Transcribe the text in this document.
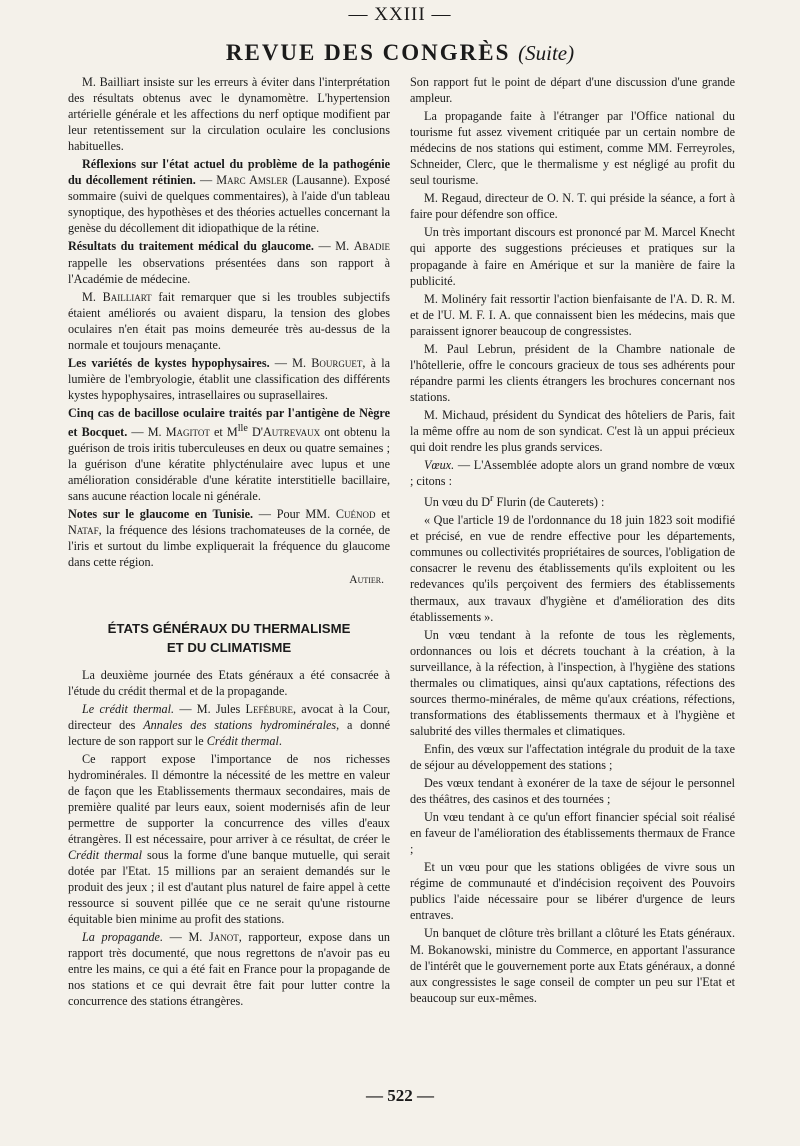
— XXIII —
REVUE DES CONGRÈS (Suite)

M. Bailliart insiste sur les erreurs à éviter dans l'interprétation des résultats obtenus avec le dynamomètre. L'hypertension artérielle générale et les affections du nerf optique modifient par leur retentissement sur la circulation oculaire les conclusions habituelles.

Réflexions sur l'état actuel du problème de la pathogénie du décollement rétinien. — Marc Amsler (Lausanne). Exposé sommaire (suivi de quelques commentaires), à l'aide d'un tableau synoptique, des hypothèses et des théories actuelles concernant la genèse du décollement dit idiopathique de la rétine.

Résultats du traitement médical du glaucome. — M. Abadie rappelle les observations présentées dans son rapport à l'Académie de médecine.

M. Bailliart fait remarquer que si les troubles subjectifs étaient améliorés ou avaient disparu, la tension des globes oculaires n'en était pas moins demeurée très au-dessus de la normale et toujours menaçante.

Les variétés de kystes hypophysaires. — M. Bourguet, à la lumière de l'embryologie, établit une classification des différents kystes hypophysaires, intrasellaires ou suprasellaires.

Cinq cas de bacillose oculaire traités par l'antigène de Nègre et Bocquet. — M. Magitot et $M^{lle}$ D'Autrevaux ont obtenu la guérison de trois iritis tuberculeuses en deux ou quatre semaines ; la guérison d'une kératite phlycténulaire avec lupus et une amélioration considérable d'une kératite interstitielle bacillaire, sans aucune réaction locale ni générale.

Notes sur le glaucome en Tunisie. — Pour MM. Cuénod et Nataf, la fréquence des lésions trachomateuses de la cornée, de l'iris et surtout du limbe expliquerait la fréquence du glaucome dans cette région.

Autier.
ÉTATS GÉNÉRAUX DU THERMALISME
ET DU CLIMATISME

La deuxième journée des Etats généraux a été consacrée à l'étude du crédit thermal et de la propagande.

Le crédit thermal. — M. Jules Lefébure, avocat à la Cour, directeur des Annales des stations hydrominérales, a donné lecture de son rapport sur le Crédit thermal.

Ce rapport expose l'importance de nos richesses hydrominérales. Il démontre la nécessité de les mettre en valeur de façon que les Etablissements thermaux secondaires, mais de première qualité par leurs eaux, soient modernisés afin de leur permettre de supporter la concurrence des villes d'eaux étrangères. Il est nécessaire, pour arriver à ce résultat, de créer le Crédit thermal sous la forme d'une banque mutuelle, qui serait dotée par l'Etat. 15 millions par an seraient demandés sur le produit des jeux ; il est d'autant plus naturel de faire appel à cette ressource si souvent pillée que ce ne serait qu'une ristourne équitable bien minime au profit des stations.

La propagande. — M. Janot, rapporteur, expose dans un rapport très documenté, que nous regrettons de n'avoir pas eu entre les mains, ce qui a été fait en France pour la propagande de nos stations et ce qui devrait être fait pour lutter contre la concurrence des stations étrangères.

Son rapport fut le point de départ d'une discussion d'une grande ampleur.

La propagande faite à l'étranger par l'Office national du tourisme fut assez vivement critiquée par un certain nombre de médecins de nos stations qui estiment, comme MM. Ferreyroles, Schneider, Clerc, que le thermalisme y est négligé au profit du seul tourisme.

M. Regaud, directeur de O. N. T. qui préside la séance, a fort à faire pour défendre son office.

Un très important discours est prononcé par M. Marcel Knecht qui apporte des suggestions précieuses et pratiques sur la propagande à faire en Amérique et sur la manière de faire la publicité.

M. Molinéry fait ressortir l'action bienfaisante de l'A. D. R. M. et de l'U. M. F. I. A. que connaissent bien les médecins, mais que paraissent ignorer beaucoup de congressistes.

M. Paul Lebrun, président de la Chambre nationale de l'hôtellerie, offre le concours gracieux de tous ses adhérents pour répandre parmi les clients étrangers les brochures concernant nos stations.

M. Michaud, président du Syndicat des hôteliers de Paris, fait la même offre au nom de son syndicat. C'est là un appui précieux qui doit rendre les plus grands services.

Vœux. — L'Assemblée adopte alors un grand nombre de vœux ; citons :

Un vœu du $D^r$ Flurin (de Cauterets) :

« Que l'article 19 de l'ordonnance du 18 juin 1823 soit modifié et précisé, en vue de rendre effective pour les départements, communes ou collectivités propriétaires de sources, l'obligation de consacrer le revenu des établissements qu'ils exploitent ou les redevances qu'ils perçoivent des fermiers des établissements thermaux, aux travaux d'hygiène et d'amélioration des dits établissements ».

Un vœu tendant à la refonte de tous les règlements, ordonnances ou lois et décrets touchant à la création, à la surveillance, à la réfection, à l'inspection, à l'hygiène des stations thermales ou climatiques, ainsi qu'aux captations, réfections des sources thermo-minérales, de même qu'aux créations, réfections, transformations des établissements thermaux et à l'hygiène et salubrité des villes thermales et climatiques.

Enfin, des vœux sur l'affectation intégrale du produit de la taxe de séjour au développement des stations ;

Des vœux tendant à exonérer de la taxe de séjour le personnel des théâtres, des casinos et des tournées ;

Un vœu tendant à ce qu'un effort financier spécial soit réalisé en faveur de l'amélioration des établissements thermaux de France ;

Et un vœu pour que les stations obligées de vivre sous un régime de communauté et d'indécision reçoivent des Pouvoirs publics l'aide nécessaire pour se libérer d'urgence de leurs entraves.

Un banquet de clôture très brillant a clôturé les Etats généraux. M. Bokanowski, ministre du Commerce, en apportant l'assurance de l'intérêt que le gouvernement porte aux Etats généraux, a donné aux congressistes le sage conseil de compter un peu sur l'Etat et beaucoup sur eux-mêmes.

— 522 —
